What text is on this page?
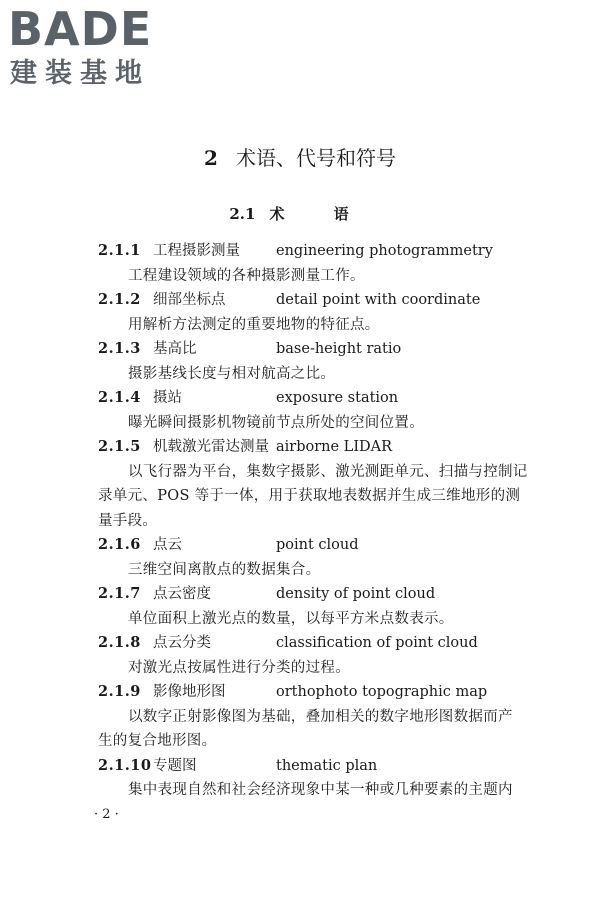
BADE
建装基地
2 术语、代号和符号
2.1 术 语
2.1.1 工程摄影测量 engineering photogrammetry
工程建设领域的各种摄影测量工作。
2.1.2 细部坐标点	detail point with coordinate
用解析方法测定的重要地物的特征点。
2.1.3 基高比	base-height ratio
摄影基线长度与相对航高之比。
2.1.4 摄站	exposure station
曝光瞬间摄影机物镜前节点所处的空间位置。
2.1.5 机载激光雷达测量 airborne LIDAR
以飞行器为平台，集数字摄影、激光测距单元、扫描与控制记
录单元、POS 等于一体，用于获取地表数据并生成三维地形的测
量手段。
2.1.6 点云	point cloud
三维空间离散点的数据集合。
2.1.7 点云密度	density of point cloud
单位面积上激光点的数量，以每平方米点数表示。
2.1.8 点云分类	classification of point cloud
对激光点按属性进行分类的过程。
2.1.9 影像地形图	orthophoto topographic map
以数字正射影像图为基础，叠加相关的数字地形图数据而产
生的复合地形图。
2.1.10 专题图	thematic plan
集中表现自然和社会经济现象中某一种或几种要素的主题内
· 2 ·
